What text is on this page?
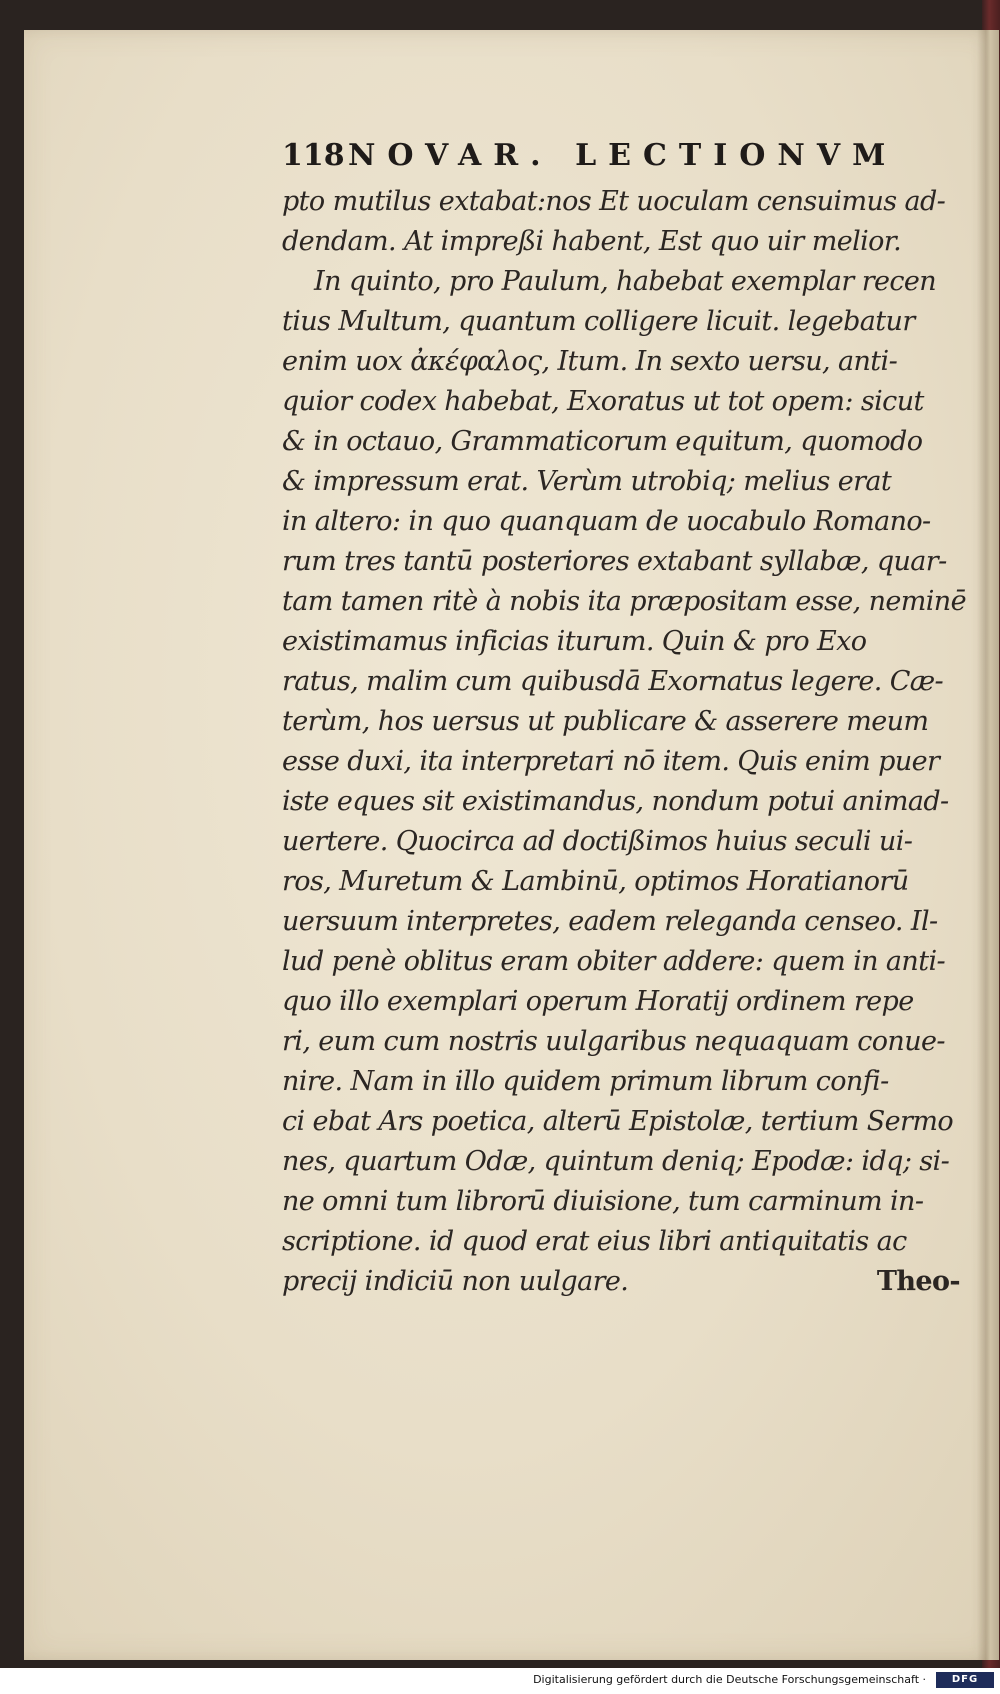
118 NOVAR. LECTIONVM
pto mutilus extabat:nos Et uoculam censuimus ad-
dendam. At impreßi habent, Est quo uir melior.
In quinto, pro Paulum, habebat exemplar recen
tius Multum, quantum colligere licuit. legebatur
enim uox ἀκέφαλος, Itum. In sexto uersu, anti-
quior codex habebat, Exoratus ut tot opem: sicut
& in octauo, Grammaticorum equitum, quomodo
& impressum erat. Verùm utrobiq; melius erat
in altero: in quo quanquam de uocabulo Romano-
rum tres tantū posteriores extabant syllabæ, quar-
tam tamen ritè à nobis ita præpositam esse, neminē
existimamus inficias iturum. Quin & pro Exo
ratus, malim cum quibusdā Exornatus legere. Cæ-
terùm, hos uersus ut publicare & asserere meum
esse duxi, ita interpretari nō item. Quis enim puer
iste eques sit existimandus, nondum potui animad-
uertere. Quocirca ad doctißimos huius seculi ui-
ros, Muretum & Lambinū, optimos Horatianorū
uersuum interpretes, eadem releganda censeo. Il-
lud penè oblitus eram obiter addere: quem in anti-
quo illo exemplari operum Horatij ordinem repe
ri, eum cum nostris uulgaribus nequaquam conue-
nire. Nam in illo quidem primum librum confi-
ci ebat Ars poetica, alterū Epistolæ, tertium Sermo
nes, quartum Odæ, quintum deniq; Epodæ: idq; si-
ne omni tum librorū diuisione, tum carminum in-
scriptione. id quod erat eius libri antiquitatis ac
precij indiciū non uulgare.	Theo-
Digitalisierung gefördert durch die Deutsche Forschungsgemeinschaft ·	DFG
